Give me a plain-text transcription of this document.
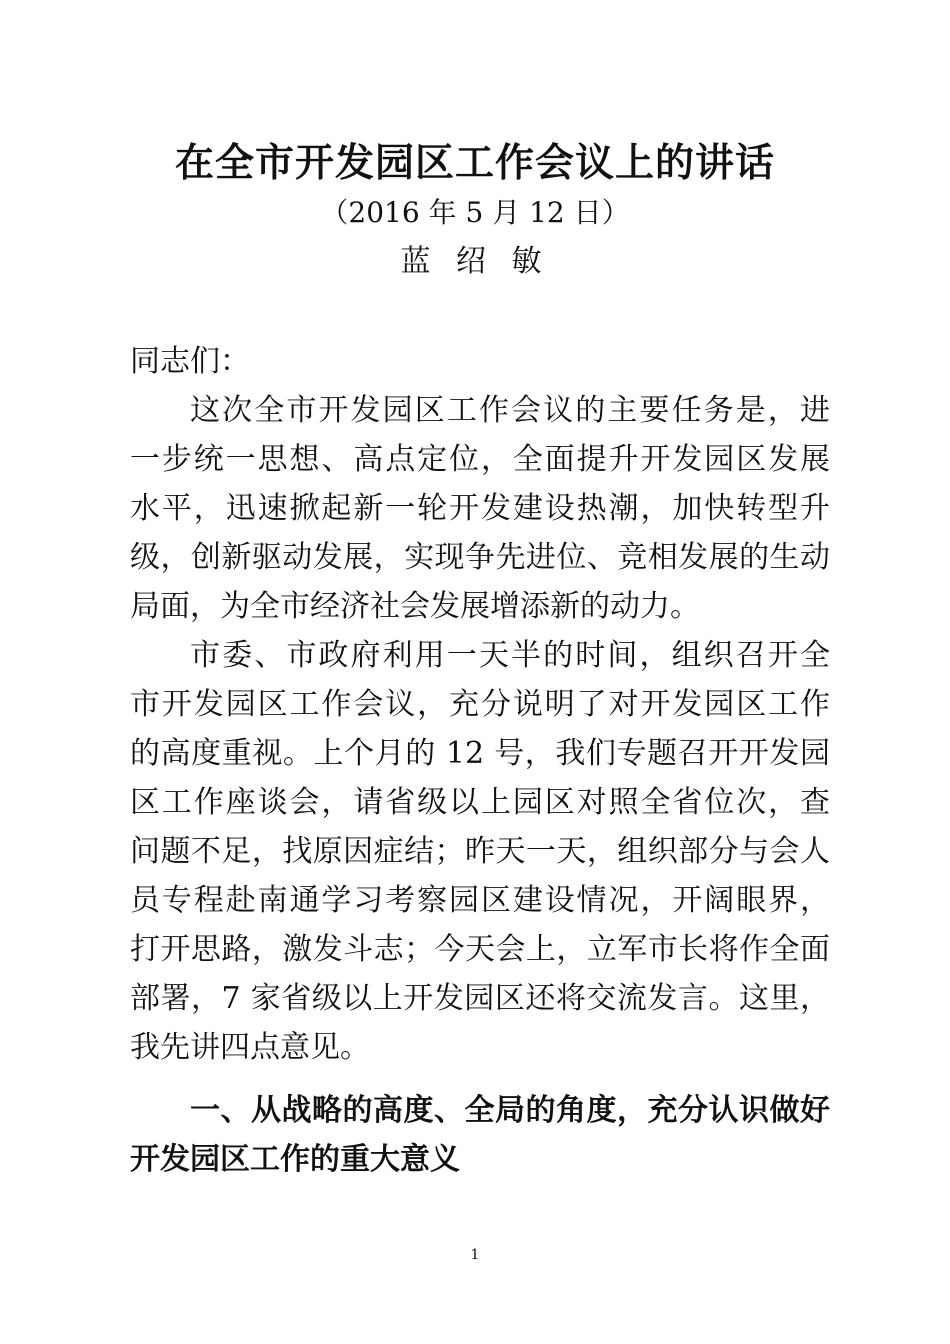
在全市开发园区工作会议上的讲话
（2016 年 5 月 12 日）
蓝 绍 敏
同志们：
这次全市开发园区工作会议的主要任务是，进
一步统一思想、高点定位，全面提升开发园区发展
水平，迅速掀起新一轮开发建设热潮，加快转型升
级，创新驱动发展，实现争先进位、竞相发展的生动
局面，为全市经济社会发展增添新的动力。
市委、市政府利用一天半的时间，组织召开全
市开发园区工作会议，充分说明了对开发园区工作
的高度重视。上个月的 12 号，我们专题召开开发园
区工作座谈会，请省级以上园区对照全省位次，查
问题不足，找原因症结；昨天一天，组织部分与会人
员专程赴南通学习考察园区建设情况，开阔眼界，
打开思路，激发斗志；今天会上，立军市长将作全面
部署，7 家省级以上开发园区还将交流发言。这里，
我先讲四点意见。
一、从战略的高度、全局的角度，充分认识做好
开发园区工作的重大意义
1
